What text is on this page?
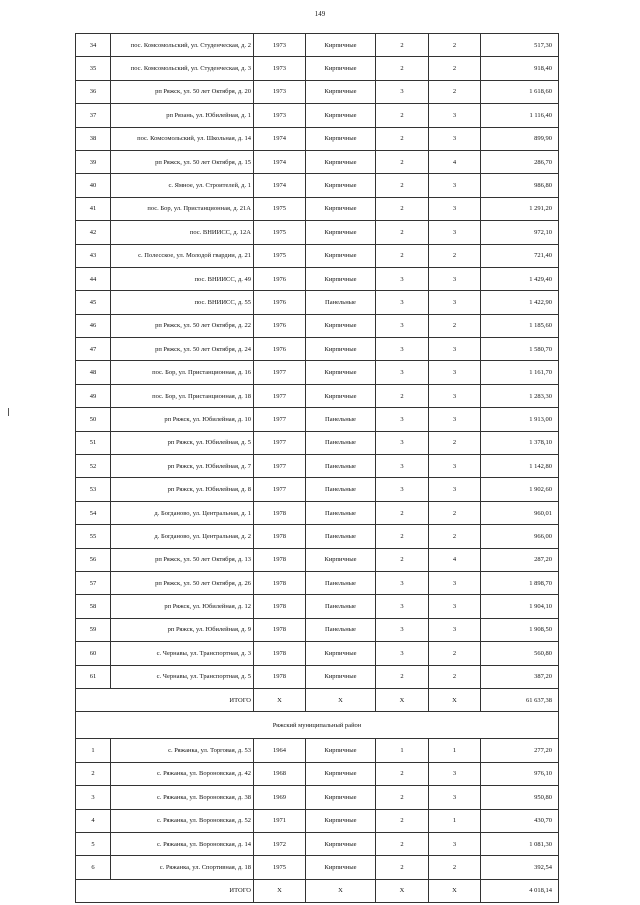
149
34	пос. Комсомольский, ул. Студенческая, д. 2	1973	Кирпичные	2	2	517,30
35	пос. Комсомольский, ул. Студенческая, д. 3	1973	Кирпичные	2	2	918,40
36	рп Ряжск, ул. 50 лет Октября, д. 20	1973	Кирпичные	3	2	1 618,60
37	рп Рязань, ул. Юбилейная, д. 1	1973	Кирпичные	2	3	1 116,40
38	пос. Комсомольский, ул. Школьная, д. 14	1974	Кирпичные	2	3	899,90
39	рп Ряжск, ул. 50 лет Октября, д. 15	1974	Кирпичные	2	4	286,70
40	с. Ямное, ул. Строителей, д. 1	1974	Кирпичные	2	3	986,80
41	пос. Бор, ул. Пристанционная, д. 21А	1975	Кирпичные	2	3	1 291,20
42	пос. ВНИИСС, д. 12А	1975	Кирпичные	2	3	972,10
43	с. Полесское, ул. Молодой гвардии, д. 21	1975	Кирпичные	2	2	721,40
44	пос. ВНИИСС, д. 49	1976	Кирпичные	3	3	1 429,40
45	пос. ВНИИСС, д. 55	1976	Панельные	3	3	1 422,90
46	рп Ряжск, ул. 50 лет Октября, д. 22	1976	Кирпичные	3	2	1 185,60
47	рп Ряжск, ул. 50 лет Октября, д. 24	1976	Кирпичные	3	3	1 580,70
48	пос. Бор, ул. Пристанционная, д. 16	1977	Кирпичные	3	3	1 161,70
49	пос. Бор, ул. Пристанционная, д. 18	1977	Кирпичные	2	3	1 283,30
50	рп Ряжск, ул. Юбилейная, д. 10	1977	Панельные	3	3	1 913,00
51	рп Ряжск, ул. Юбилейная, д. 5	1977	Панельные	3	2	1 378,10
52	рп Ряжск, ул. Юбилейная, д. 7	1977	Панельные	3	3	1 142,80
53	рп Ряжск, ул. Юбилейная, д. 8	1977	Панельные	3	3	1 902,60
54	д. Богданово, ул. Центральная, д. 1	1978	Панельные	2	2	960,01
55	д. Богданово, ул. Центральная, д. 2	1978	Панельные	2	2	966,00
56	рп Ряжск, ул. 50 лет Октября, д. 13	1978	Кирпичные	2	4	287,20
57	рп Ряжск, ул. 50 лет Октября, д. 26	1978	Панельные	3	3	1 898,70
58	рп Ряжск, ул. Юбилейная, д. 12	1978	Панельные	3	3	1 904,10
59	рп Ряжск, ул. Юбилейная, д. 9	1978	Панельные	3	3	1 908,50
60	с. Чернавы, ул. Транспортная, д. 3	1978	Кирпичные	3	2	560,80
61	с. Чернавы, ул. Транспортная, д. 5	1978	Кирпичные	2	2	387,20
ИТОГО		Х	Х	Х	Х	61 637,38
Ряжский муниципальный район						
1	с. Ряжанка, ул. Торговая, д. 53	1964	Кирпичные	1	1	277,20
2	с. Ряжанка, ул. Вороновская, д. 42	1968	Кирпичные	2	3	976,10
3	с. Ряжанка, ул. Вороновская, д. 38	1969	Кирпичные	2	3	950,80
4	с. Ряжанка, ул. Вороновская, д. 52	1971	Кирпичные	2	1	430,70
5	с. Ряжанка, ул. Вороновская, д. 14	1972	Кирпичные	2	3	1 081,30
6	с. Ряжанка, ул. Спортивная, д. 18	1975	Кирпичные	2	2	392,54
ИТОГО		Х	Х	Х	Х	4 018,14
